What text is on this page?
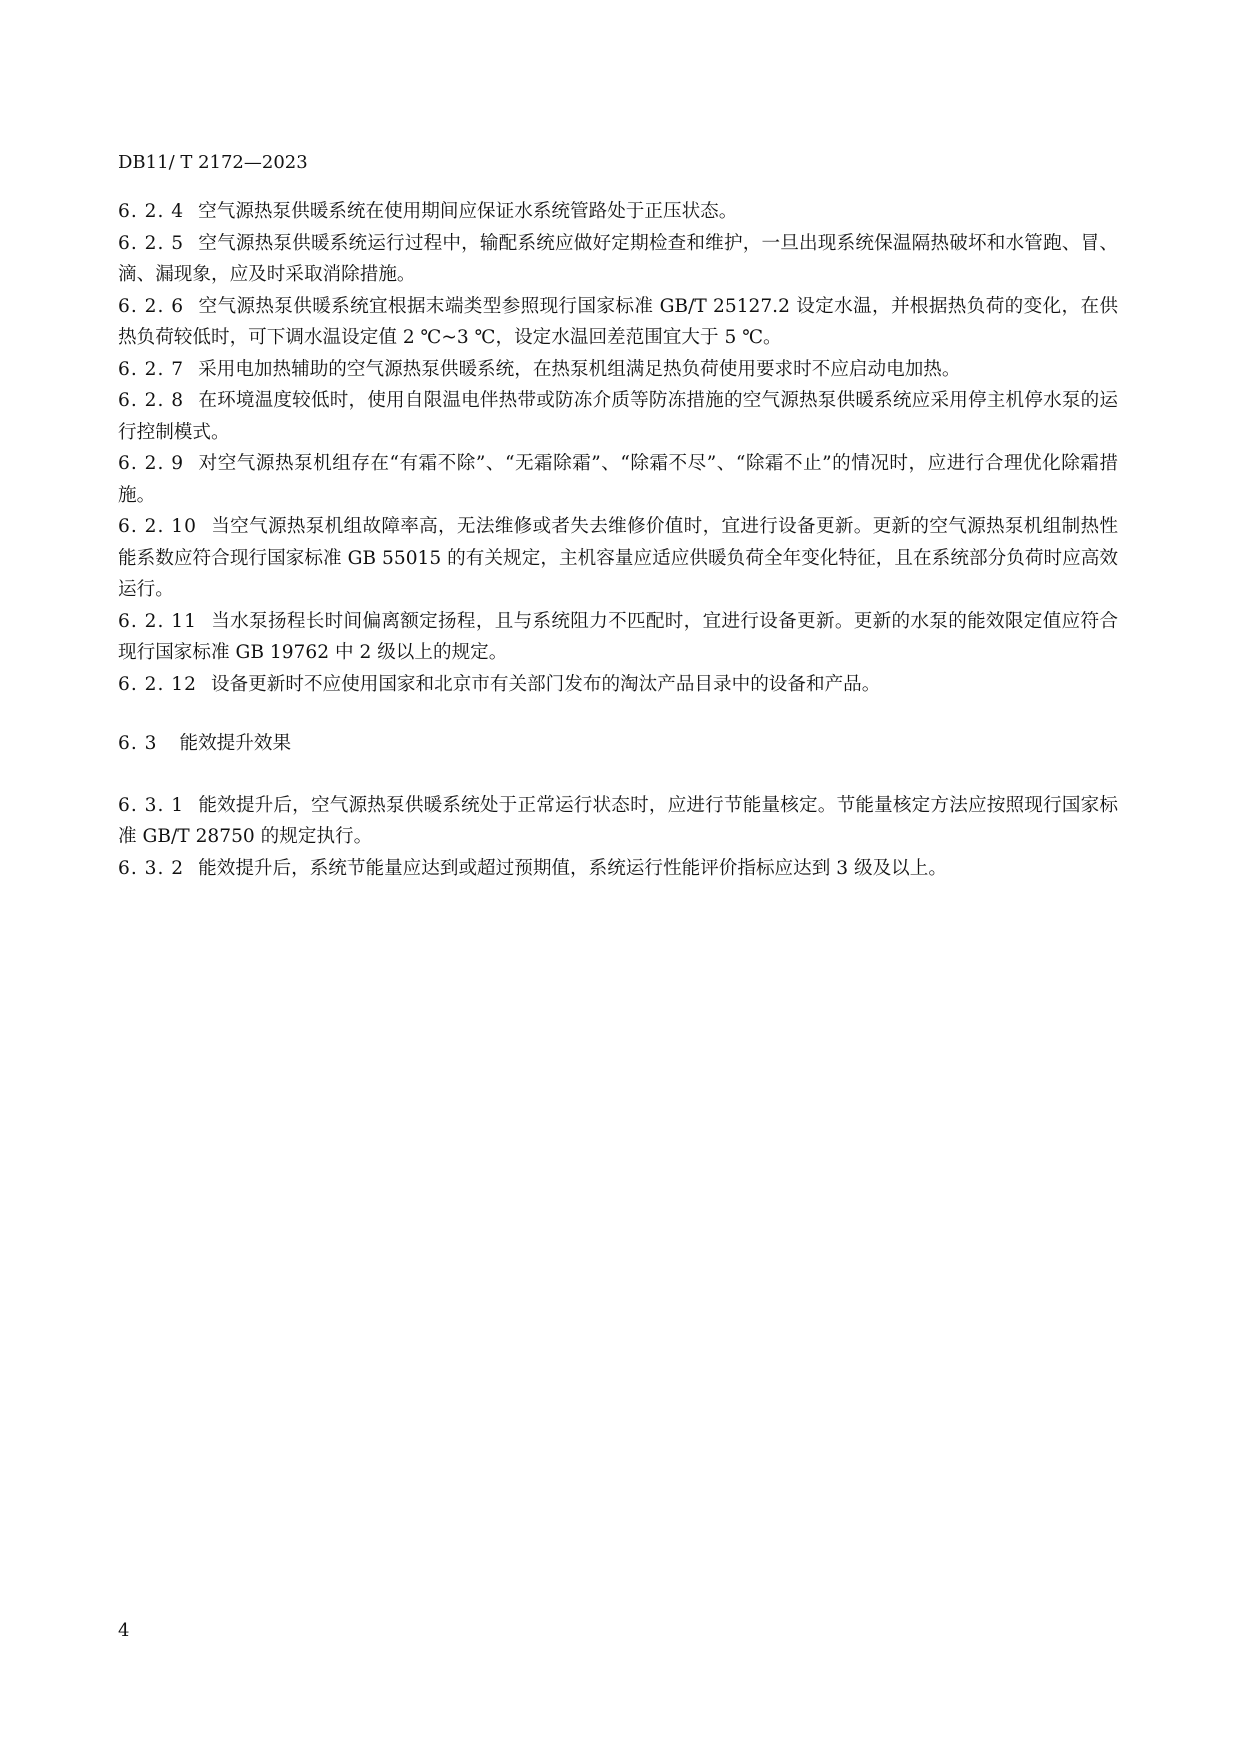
DB11/ T 2172—2023
6. 2. 4 空气源热泵供暖系统在使用期间应保证水系统管路处于正压状态。
6. 2. 5 空气源热泵供暖系统运行过程中，输配系统应做好定期检查和维护，一旦出现系统保温隔热破坏和水管跑、冒、滴、漏现象，应及时采取消除措施。
6. 2. 6 空气源热泵供暖系统宜根据末端类型参照现行国家标准 GB/T 25127.2 设定水温，并根据热负荷的变化，在供热负荷较低时，可下调水温设定值 2 ℃~3 ℃，设定水温回差范围宜大于 5 ℃。
6. 2. 7 采用电加热辅助的空气源热泵供暖系统，在热泵机组满足热负荷使用要求时不应启动电加热。
6. 2. 8 在环境温度较低时，使用自限温电伴热带或防冻介质等防冻措施的空气源热泵供暖系统应采用停主机停水泵的运行控制模式。
6. 2. 9 对空气源热泵机组存在“有霜不除”、“无霜除霜”、“除霜不尽”、“除霜不止”的情况时，应进行合理优化除霜措施。
6. 2. 10 当空气源热泵机组故障率高，无法维修或者失去维修价值时，宜进行设备更新。更新的空气源热泵机组制热性能系数应符合现行国家标准 GB 55015 的有关规定，主机容量应适应供暖负荷全年变化特征，且在系统部分负荷时应高效运行。
6. 2. 11 当水泵扬程长时间偏离额定扬程，且与系统阻力不匹配时，宜进行设备更新。更新的水泵的能效限定值应符合现行国家标准 GB 19762 中 2 级以上的规定。
6. 2. 12 设备更新时不应使用国家和北京市有关部门发布的淘汰产品目录中的设备和产品。
6. 3 能效提升效果
6. 3. 1 能效提升后，空气源热泵供暖系统处于正常运行状态时，应进行节能量核定。节能量核定方法应按照现行国家标准 GB/T 28750 的规定执行。
6. 3. 2 能效提升后，系统节能量应达到或超过预期值，系统运行性能评价指标应达到 3 级及以上。
4
